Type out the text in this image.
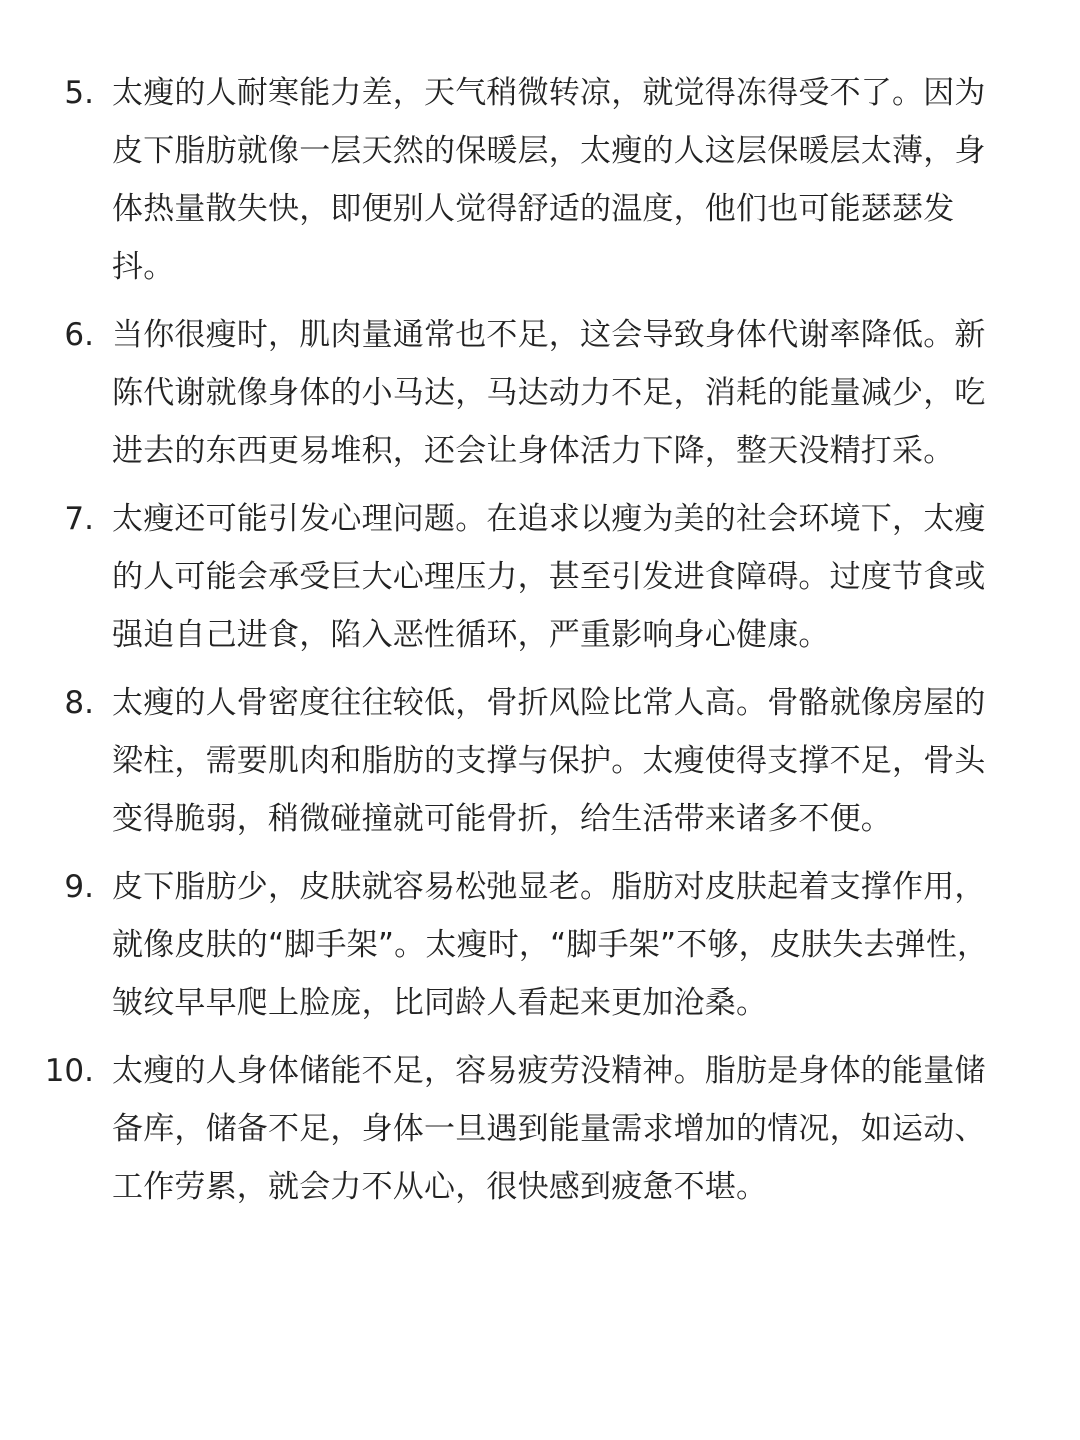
5. 太瘦的人耐寒能力差，天气稍微转凉，就觉得冻得受不了。因为皮下脂肪就像一层天然的保暖层，太瘦的人这层保暖层太薄，身体热量散失快，即便别人觉得舒适的温度，他们也可能瑟瑟发抖。
6. 当你很瘦时，肌肉量通常也不足，这会导致身体代谢率降低。新陈代谢就像身体的小马达，马达动力不足，消耗的能量减少，吃进去的东西更易堆积，还会让身体活力下降，整天没精打采。
7. 太瘦还可能引发心理问题。在追求以瘦为美的社会环境下，太瘦的人可能会承受巨大心理压力，甚至引发进食障碍。过度节食或强迫自己进食，陷入恶性循环，严重影响身心健康。
8. 太瘦的人骨密度往往较低，骨折风险比常人高。骨骼就像房屋的梁柱，需要肌肉和脂肪的支撑与保护。太瘦使得支撑不足，骨头变得脆弱，稍微碰撞就可能骨折，给生活带来诸多不便。
9. 皮下脂肪少，皮肤就容易松弛显老。脂肪对皮肤起着支撑作用，就像皮肤的“脚手架”。太瘦时，“脚手架”不够，皮肤失去弹性，皱纹早早爬上脸庞，比同龄人看起来更加沧桑。
10. 太瘦的人身体储能不足，容易疲劳没精神。脂肪是身体的能量储备库，储备不足，身体一旦遇到能量需求增加的情况，如运动、工作劳累，就会力不从心，很快感到疲惫不堪。
